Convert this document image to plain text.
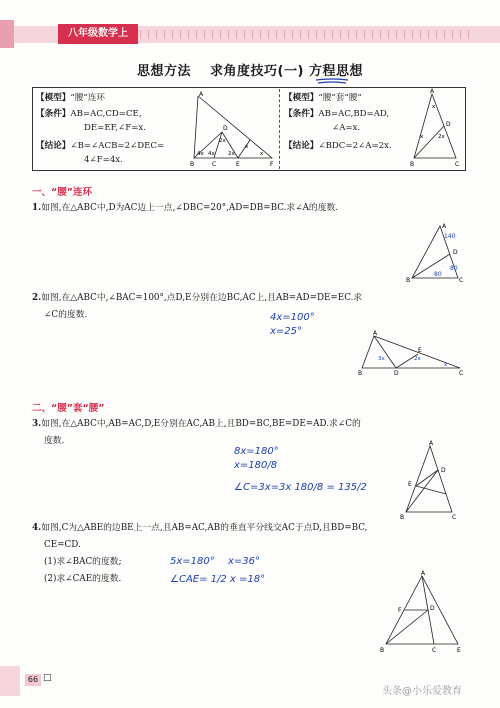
八年级数学上
思想方法 求角度技巧(一) 方程思想
【模型】“腰”连环
【条件】AB=AC,CD=CE,
DE=EF,∠F=x.
【结论】∠B=∠ACB=2∠DEC=
4∠F=4x.
A
B	C
D
E	F
4x 4x
2x
2x
x
x
【模型】“腰”套“腰”
【条件】AB=AC,BD=AD,
∠A=x.
【结论】∠BDC=2∠A=2x.
A
B	C
D
x
x	2x
一、“腰”连环
1.如图,在△ABC中,D为AC边上一点,∠DBC=20°,AD=DB=BC.求∠A的度数.
A
B	C
D
140
80
80
2.如图,在△ABC中,∠BAC=100°,点D,E分别在边BC,AC上,且AB=AD=DE=EC.求
∠C的度数.	4x=100°
x=25°	A
B	C
D
E
3x	2x
x
二、“腰”套“腰”
3.如图,在△ABC中,AB=AC,D,E分别在AC,AB上,且BD=BC,BE=DE=AD.求∠C的
度数.
8x=180°
x=180/8
∠C=3x=3x 180/8 = 135/2
A
B	C
D
E
4.如图,C为△ABE的边BE上一点,且AB=AC,AB的垂直平分线交AC于点D,且BD=BC,
CE=CD.
(1)求∠BAC的度数;
(2)求∠CAE的度数.
5x=180° x=36°
∠CAE= 1/2 x =18°
A
B	C
D
E
F
66 □
头条@小乐爱教育
